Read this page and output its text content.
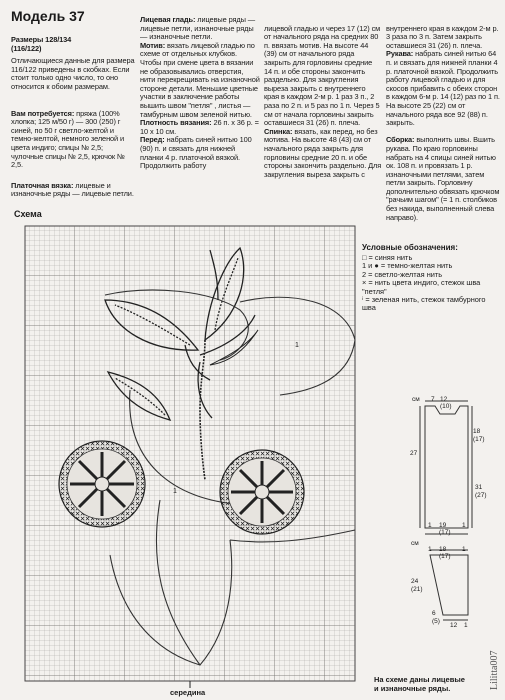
Модель 37
Размеры 128/134
(116/122)
Отличающиеся данные для размера 116/122 приведены в скобках. Если стоит только одно число, то оно относится к обоим размерам.

Вам потребуется: пряжа (100% хлопка; 125 м/50 г) — 300 (250) г синей, по 50 г светло-желтой и темно-желтой, немного зеленой и цвета индиго; спицы № 2,5; чулочные спицы № 2,5, крючок № 2,5.

Платочная вязка: лицевые и изнаночные ряды — лицевые петли.

Лицевая гладь: лицевые ряды — лицевые петли, изнаночные ряды — изнаночные петли.
Мотив: вязать лицевой гладью по схеме от отдельных клубков. Чтобы при смене цвета в вязании не образовывались отверстия, нити перекрещивать на изнаночной стороне детали. Меньшие цветные участки в заключение работы вышить швом "петля" , листья — тамбурным швом зеленой нитью.
Плотность вязания: 26 п. х 36 р. = 10 х 10 см.
Перед: набрать синей нитью 100 (90) п. и связать для нижней планки 4 р. платочной вязкой. Продолжить работу

лицевой гладью и через 17 (12) см от начального ряда на средних 80 п. ввязать мотив. На высоте 44 (39) см от начального ряда закрыть для горловины средние 14 п. и обе стороны закончить раздельно. Для закругления выреза закрыть с внутреннего края в каждом 2-м р. 1 раз 3 п., 2 раза по 2 п. и 5 раз по 1 п. Через 5 см от начала горловины закрыть оставшиеся 31 (26) п. плеча.

Спинка: вязать, как перед, но без мотива. На высоте 48 (43) см от начального ряда закрыть для горловины средние 20 п. и обе стороны закончить раздельно. Для закругления выреза закрыть с

внутреннего края в каждом 2-м р. 3 раза по 3 п. Затем закрыть оставшиеся 31 (26) п. плеча.

Рукава: набрать синей нитью 64 п. и связать для нижней планки 4 р. платочной вязкой. Продолжить работу лицевой гладью и для скосов прибавить с обеих сторон в каждом 6-м р. 14 (12) раз по 1 п. На высоте 25 (22) см от начального ряда все 92 (88) п. закрыть.

Сборка: выполнить швы. Вшить рукава. По краю горловины набрать на 4 спицы синей нитью ок. 108 п. и провязать 1 р. изнаночными петлями, затем петли закрыть. Горловину дополнительно обвязать крючком "рачьим шагом" (= 1 п. столбиков без накида, выполненный слева направо).

Схема
1
1
середина
Условные обозначения:
□ = синяя нить
1 и ● = темно-желтая нить
2 = светло-желтая нить
× = нить цвета индиго, стежок шва "петля"
ⁱ = зеленая нить, стежок тамбурного шва
см 7 12 (10)
18
(17)
27
31
(27)
1 19 (17)
1
см
1 18 (17)
1
24
(21)
6
(5)
12 1
На схеме даны лицевые
и изнаночные ряды.	Lilitta007
